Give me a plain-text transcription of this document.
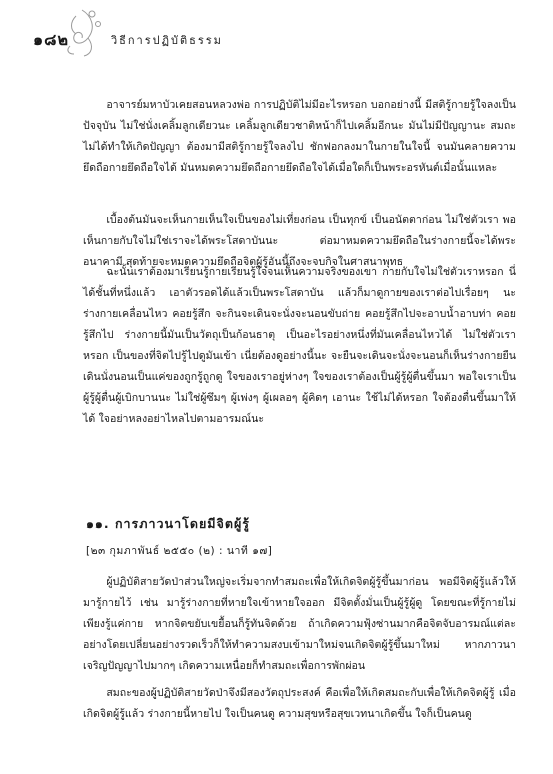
๑๘๒	วิธีการปฏิบัติธรรม

อาจารย์มหาบัวเคยสอนหลวงพ่อ การปฏิบัติไม่มีอะไรหรอก บอกอย่างนี้ มีสติรู้กายรู้ใจลงเป็นปัจจุบัน ไม่ใช่นั่งเคลิ้มลูกเดียวนะ เคลิ้มลูกเดียวชาติหน้าก็ไปเคลิ้มอีกนะ มันไม่มีปัญญานะ สมถะไม่ได้ทำให้เกิดปัญญา ต้องมามีสติรู้กายรู้ใจลงไป ชักฟอกลงมาในกายในใจนี้ จนมันคลายความยึดถือกายยึดถือใจได้ มันหมดความยึดถือกายยึดถือใจได้เมื่อใดก็เป็นพระอรหันต์เมื่อนั้นแหละ

เบื้องต้นมันจะเห็นกายเห็นใจเป็นของไม่เที่ยงก่อน เป็นทุกข์ เป็นอนัตตาก่อน ไม่ใช่ตัวเรา พอเห็นกายกับใจไม่ใช่เราจะได้พระโสดาบันนะ ต่อมาหมดความยึดถือในร่างกายนี้จะได้พระอนาคามี สุดท้ายจะหมดความยึดถือจิตผู้รู้อันนี้ถึงจะจบกิจในศาสนาพุทธ

ฉะนั้นเราต้องมาเรียนรู้กายเรียนรู้ใจจนเห็นความจริงของเขา กายกับใจไม่ใช่ตัวเราหรอก นี่ได้ชั้นที่หนึ่งแล้ว เอาตัวรอดได้แล้วเป็นพระโสดาบัน แล้วก็มาดูกายของเราต่อไปเรื่อยๆ นะ ร่างกายเคลื่อนไหว คอยรู้สึก จะกินจะเดินจะนั่งจะนอนขับถ่าย คอยรู้สึกไปจะอาบน้ำอาบท่า คอยรู้สึกไป ร่างกายนี้มันเป็นวัตถุเป็นก้อนธาตุ เป็นอะไรอย่างหนึ่งที่มันเคลื่อนไหวได้ ไม่ใช่ตัวเราหรอก เป็นของที่จิตไปรู้ไปดูมันเข้า เนี่ยต้องดูอย่างนี้นะ จะยืนจะเดินจะนั่งจะนอนก็เห็นร่างกายยืนเดินนั่งนอนเป็นแค่ของถูกรู้ถูกดู ใจของเราอยู่ห่างๆ ใจของเราต้องเป็นผู้รู้ผู้ตื่นขึ้นมา พอใจเราเป็นผู้รู้ผู้ตื่นผู้เบิกบานนะ ไม่ใช่ผู้ซึมๆ ผู้เพ่งๆ ผู้เผลอๆ ผู้คิดๆ เอานะ ใช้ไม่ได้หรอก ใจต้องตื่นขึ้นมาให้ได้ ใจอย่าหลงอย่าไหลไปตามอารมณ์นะ

๑๑. การภาวนาโดยมีจิตผู้รู้
[๒๓ กุมภาพันธ์ ๒๕๕๐ (๒) : นาที ๑๗]

ผู้ปฏิบัติสายวัดป่าส่วนใหญ่จะเริ่มจากทำสมถะเพื่อให้เกิดจิตผู้รู้ขึ้นมาก่อน พอมีจิตผู้รู้แล้วให้มารู้กายไว้ เช่น มารู้ร่างกายที่หายใจเข้าหายใจออก มีจิตตั้งมั่นเป็นผู้รู้ผู้ดู โดยขณะที่รู้กายไม่เพียงรู้แค่กาย หากจิตขยับเขยื้อนก็รู้ทันจิตด้วย ถ้าเกิดความฟุ้งซ่านมากคือจิตจับอารมณ์แต่ละอย่างโดยเปลี่ยนอย่างรวดเร็วก็ให้ทำความสงบเข้ามาใหม่จนเกิดจิตผู้รู้ขึ้นมาใหม่ หากภาวนาเจริญปัญญาไปมากๆ เกิดความเหนื่อยก็ทำสมถะเพื่อการพักผ่อน

สมถะของผู้ปฏิบัติสายวัดป่าจึงมีสองวัตถุประสงค์ คือเพื่อให้เกิดสมถะกับเพื่อให้เกิดจิตผู้รู้ เมื่อเกิดจิตผู้รู้แล้ว ร่างกายนี้หายไป ใจเป็นคนดู ความสุขหรือสุขเวทนาเกิดขึ้น ใจก็เป็นคนดู
